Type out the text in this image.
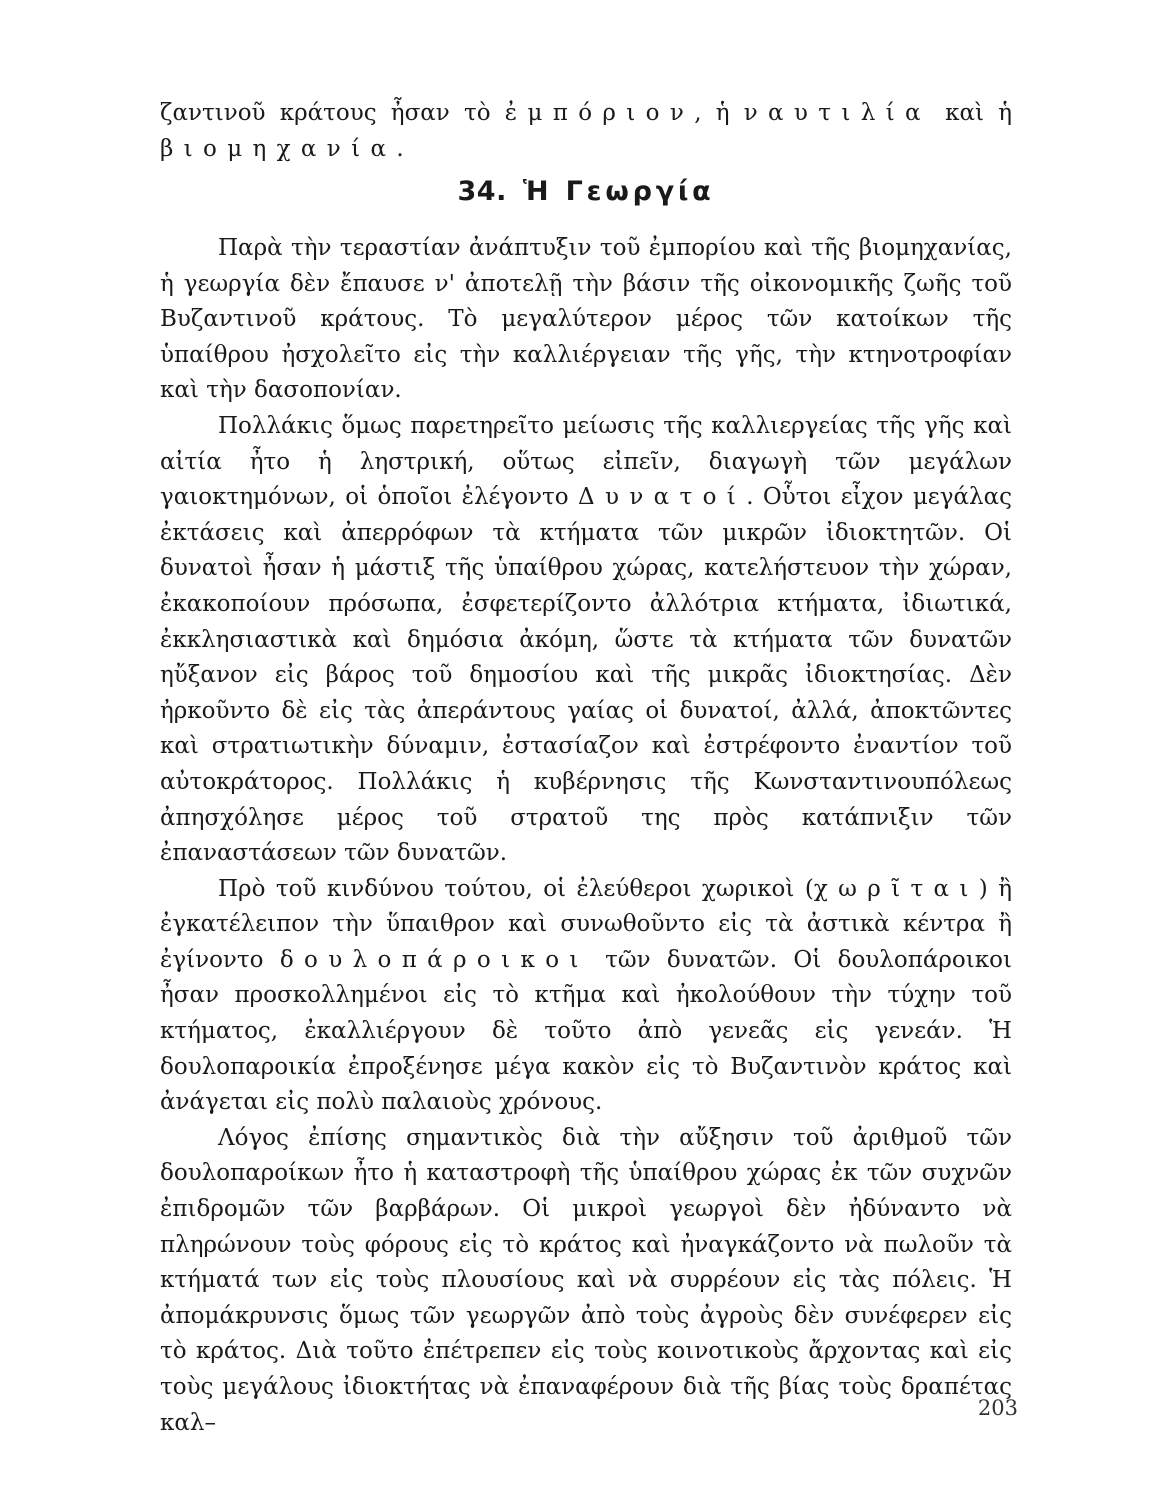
ζαντινοῦ κράτους ἦσαν τὸ ἐμπόριον, ἡ ναυτιλία καὶ ἡ βιομηχανία.

34. Ἡ Γεωργία

Παρὰ τὴν τεραστίαν ἀνάπτυξιν τοῦ ἐμπορίου καὶ τῆς βιομηχανίας, ἡ γεωργία δὲν ἔπαυσε ν' ἀποτελῇ τὴν βάσιν τῆς οἰκονομικῆς ζωῆς τοῦ Βυζαντινοῦ κράτους. Τὸ μεγαλύτερον μέρος τῶν κατοίκων τῆς ὑπαίθρου ἠσχολεῖτο εἰς τὴν καλλιέργειαν τῆς γῆς, τὴν κτηνοτροφίαν καὶ τὴν δασοπονίαν.

Πολλάκις ὅμως παρετηρεῖτο μείωσις τῆς καλλιεργείας τῆς γῆς καὶ αἰτία ἦτο ἡ ληστρική, οὕτως εἰπεῖν, διαγωγὴ τῶν μεγάλων γαιοκτημόνων, οἱ ὁποῖοι ἐλέγοντο Δυνατοί. Οὗτοι εἶχον μεγάλας ἐκτάσεις καὶ ἀπερρόφων τὰ κτήματα τῶν μικρῶν ἰδιοκτητῶν. Οἱ δυνατοὶ ἦσαν ἡ μάστιξ τῆς ὑπαίθρου χώρας, κατελήστευον τὴν χώραν, ἐκακοποίουν πρόσωπα, ἐσφετερίζοντο ἀλλότρια κτήματα, ἰδιωτικά, ἐκκλησιαστικὰ καὶ δημόσια ἀκόμη, ὥστε τὰ κτήματα τῶν δυνατῶν ηὔξανον εἰς βάρος τοῦ δημοσίου καὶ τῆς μικρᾶς ἰδιοκτησίας. Δὲν ἠρκοῦντο δὲ εἰς τὰς ἀπεράντους γαίας οἱ δυνατοί, ἀλλά, ἀποκτῶντες καὶ στρατιωτικὴν δύναμιν, ἐστασίαζον καὶ ἐστρέφοντο ἐναντίον τοῦ αὐτοκράτορος. Πολλάκις ἡ κυβέρνησις τῆς Κωνσταντινουπόλεως ἀπησχόλησε μέρος τοῦ στρατοῦ της πρὸς κατάπνιξιν τῶν ἐπαναστάσεων τῶν δυνατῶν.

Πρὸ τοῦ κινδύνου τούτου, οἱ ἐλεύθεροι χωρικοὶ (χωρῖται) ἢ ἐγκατέλειπον τὴν ὕπαιθρον καὶ συνωθοῦντο εἰς τὰ ἀστικὰ κέντρα ἢ ἐγίνοντο δουλοπάροικοι τῶν δυνατῶν. Οἱ δουλοπάροικοι ἦσαν προσκολλημένοι εἰς τὸ κτῆμα καὶ ἠκολούθουν τὴν τύχην τοῦ κτήματος, ἐκαλλιέργουν δὲ τοῦτο ἀπὸ γενεᾶς εἰς γενεάν. Ἡ δουλοπαροικία ἐπροξένησε μέγα κακὸν εἰς τὸ Βυζαντινὸν κράτος καὶ ἀνάγεται εἰς πολὺ παλαιοὺς χρόνους.

Λόγος ἐπίσης σημαντικὸς διὰ τὴν αὔξησιν τοῦ ἀριθμοῦ τῶν δουλοπαροίκων ἦτο ἡ καταστροφὴ τῆς ὑπαίθρου χώρας ἐκ τῶν συχνῶν ἐπιδρομῶν τῶν βαρβάρων. Οἱ μικροὶ γεωργοὶ δὲν ἠδύναντο νὰ πληρώνουν τοὺς φόρους εἰς τὸ κράτος καὶ ἠναγκάζοντο νὰ πωλοῦν τὰ κτήματά των εἰς τοὺς πλουσίους καὶ νὰ συρρέουν εἰς τὰς πόλεις. Ἡ ἀπομάκρυνσις ὅμως τῶν γεωργῶν ἀπὸ τοὺς ἀγροὺς δὲν συνέφερεν εἰς τὸ κράτος. Διὰ τοῦτο ἐπέτρεπεν εἰς τοὺς κοινοτικοὺς ἄρχοντας καὶ εἰς τοὺς μεγάλους ἰδιοκτήτας νὰ ἐπαναφέρουν διὰ τῆς βίας τοὺς δραπέτας καλ–

203
